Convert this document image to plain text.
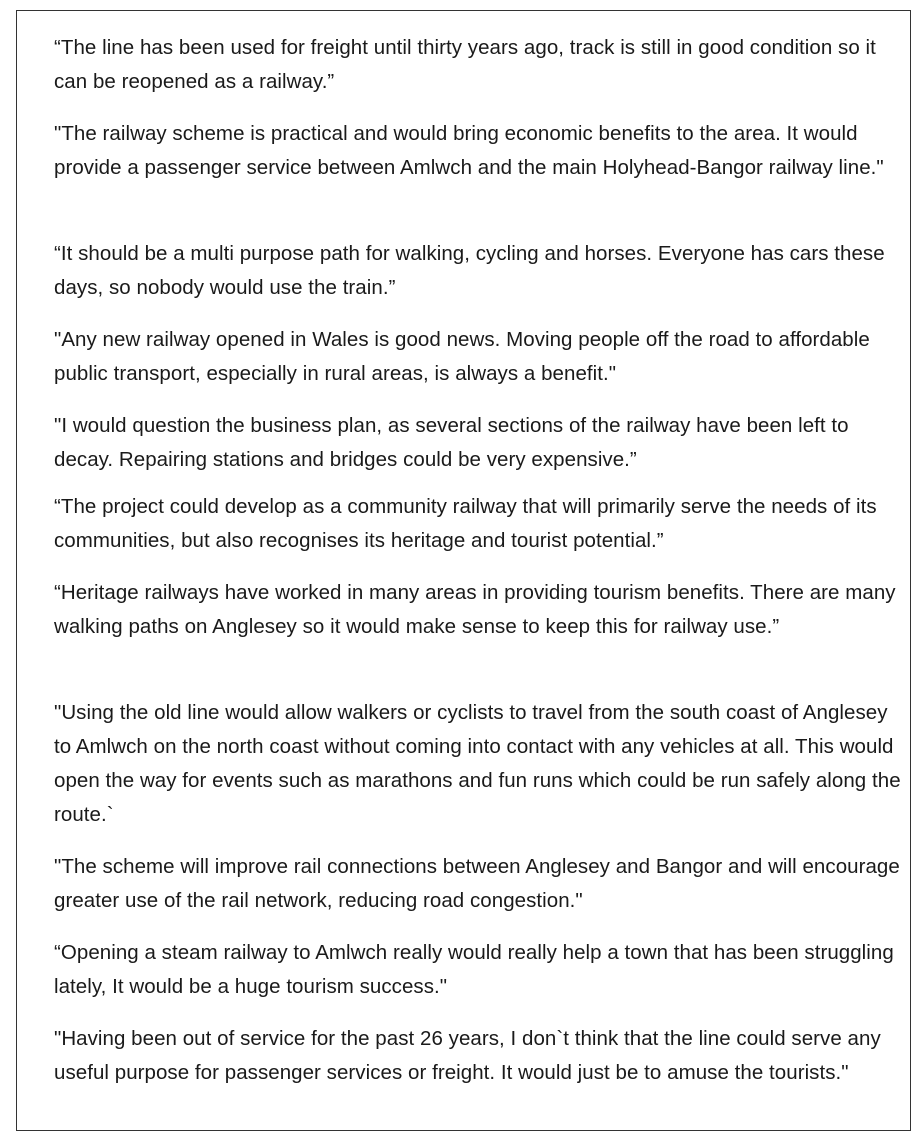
“The line has been used for freight until thirty years ago, track is still in good condition so it can be reopened as a railway.”

"The railway scheme is practical and would bring economic benefits to the area. It would provide a passenger service between Amlwch and the main Holyhead-Bangor railway line."

“It should be a multi purpose path for walking, cycling and horses. Everyone has cars these days, so nobody would use the train.”

"Any new railway opened in Wales is good news. Moving people off the road to affordable public transport, especially in rural areas, is always a benefit."

"I would question the business plan, as several sections of the railway have been left to decay. Repairing stations and bridges could be very expensive.”

“The project could develop as a community railway that will primarily serve the needs of its communities, but also recognises its heritage and tourist potential.”

“Heritage railways have worked in many areas in providing tourism benefits. There are many walking paths on Anglesey so it would make sense to keep this for railway use.”

"Using the old line would allow walkers or cyclists to travel from the south coast of Anglesey to Amlwch on the north coast without coming into contact with any vehicles at all. This would open the way for events such as marathons and fun runs which could be run safely along the route.`

"The scheme will improve rail connections between Anglesey and Bangor and will encourage greater use of the rail network, reducing road congestion."

“Opening a steam railway to Amlwch really would really help a town that has been struggling lately, It would be a huge tourism success."

"Having been out of service for the past 26 years, I don`t think that the line could serve any useful purpose for passenger services or freight. It would just be to amuse the tourists."
